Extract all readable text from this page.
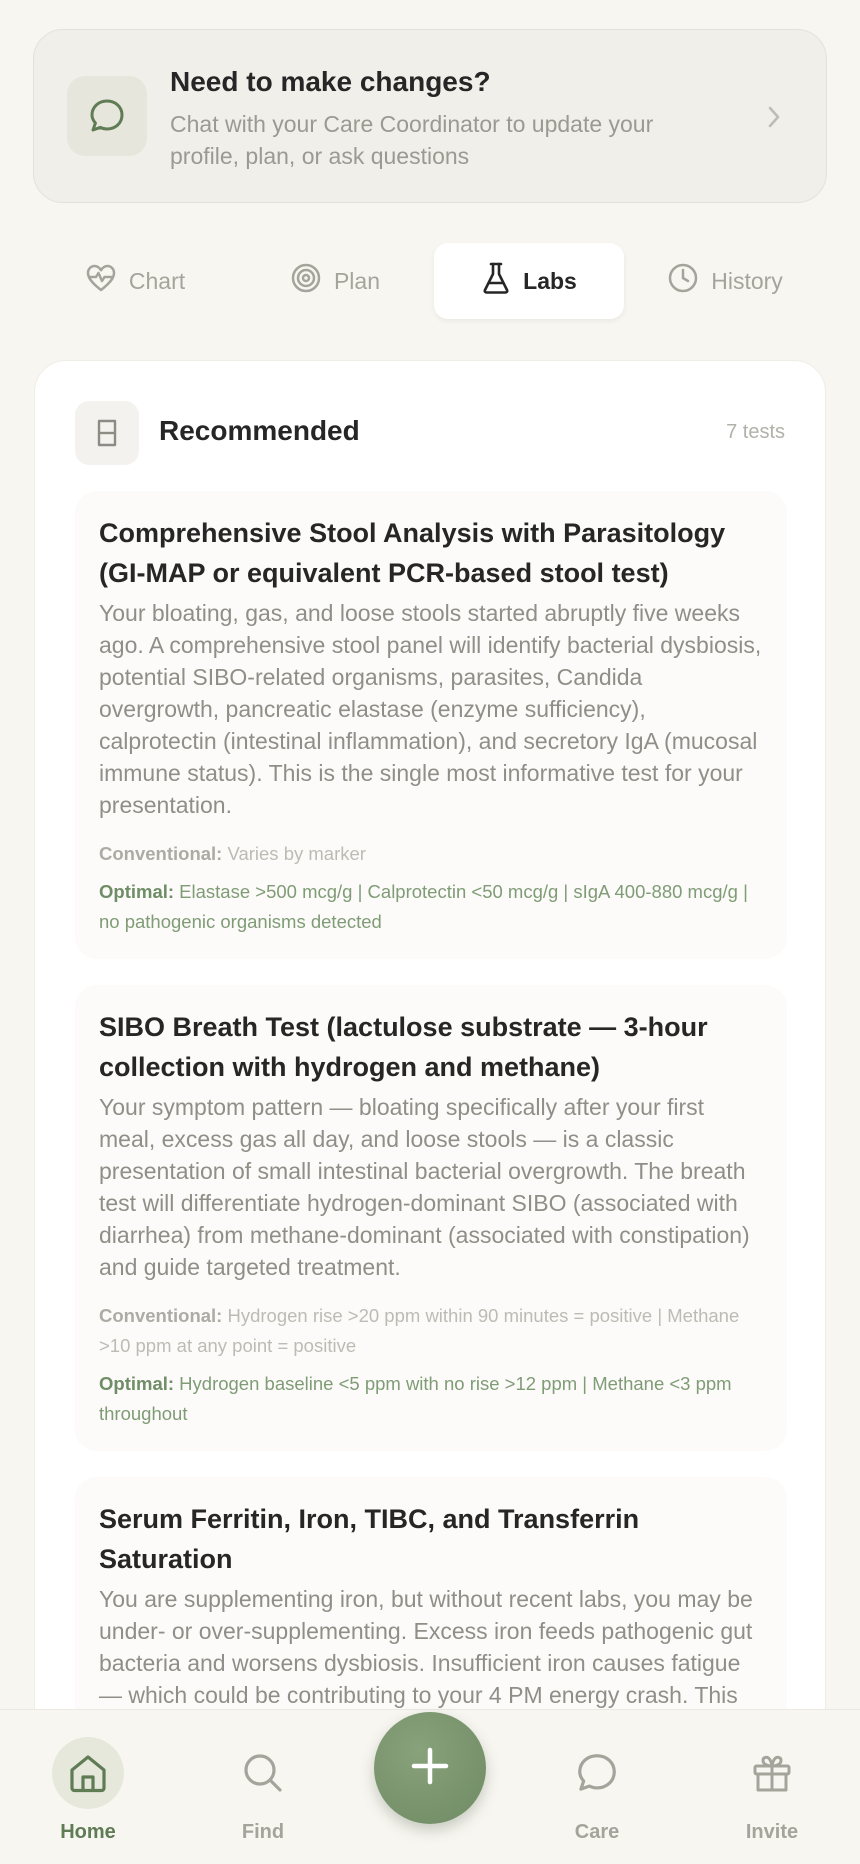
Need to make changes?
Chat with your Care Coordinator to update your profile, plan, or ask questions
Chart	Plan	Labs	History
Recommended	7 tests
Comprehensive Stool Analysis with Parasitology (GI-MAP or equivalent PCR-based stool test)
Your bloating, gas, and loose stools started abruptly five weeks ago. A comprehensive stool panel will identify bacterial dysbiosis, potential SIBO-related organisms, parasites, Candida overgrowth, pancreatic elastase (enzyme sufficiency), calprotectin (intestinal inflammation), and secretory IgA (mucosal immune status). This is the single most informative test for your presentation.
Conventional: Varies by marker
Optimal: Elastase >500 mcg/g | Calprotectin <50 mcg/g | sIgA 400-880 mcg/g | no pathogenic organisms detected
SIBO Breath Test (lactulose substrate — 3-hour collection with hydrogen and methane)
Your symptom pattern — bloating specifically after your first meal, excess gas all day, and loose stools — is a classic presentation of small intestinal bacterial overgrowth. The breath test will differentiate hydrogen-dominant SIBO (associated with diarrhea) from methane-dominant (associated with constipation) and guide targeted treatment.
Conventional: Hydrogen rise >20 ppm within 90 minutes = positive | Methane >10 ppm at any point = positive
Optimal: Hydrogen baseline <5 ppm with no rise >12 ppm | Methane <3 ppm throughout
Serum Ferritin, Iron, TIBC, and Transferrin Saturation
You are supplementing iron, but without recent labs, you may be under- or over-supplementing. Excess iron feeds pathogenic gut bacteria and worsens dysbiosis. Insufficient iron causes fatigue — which could be contributing to your 4 PM energy crash. This
Home	Find	Care	Invite
